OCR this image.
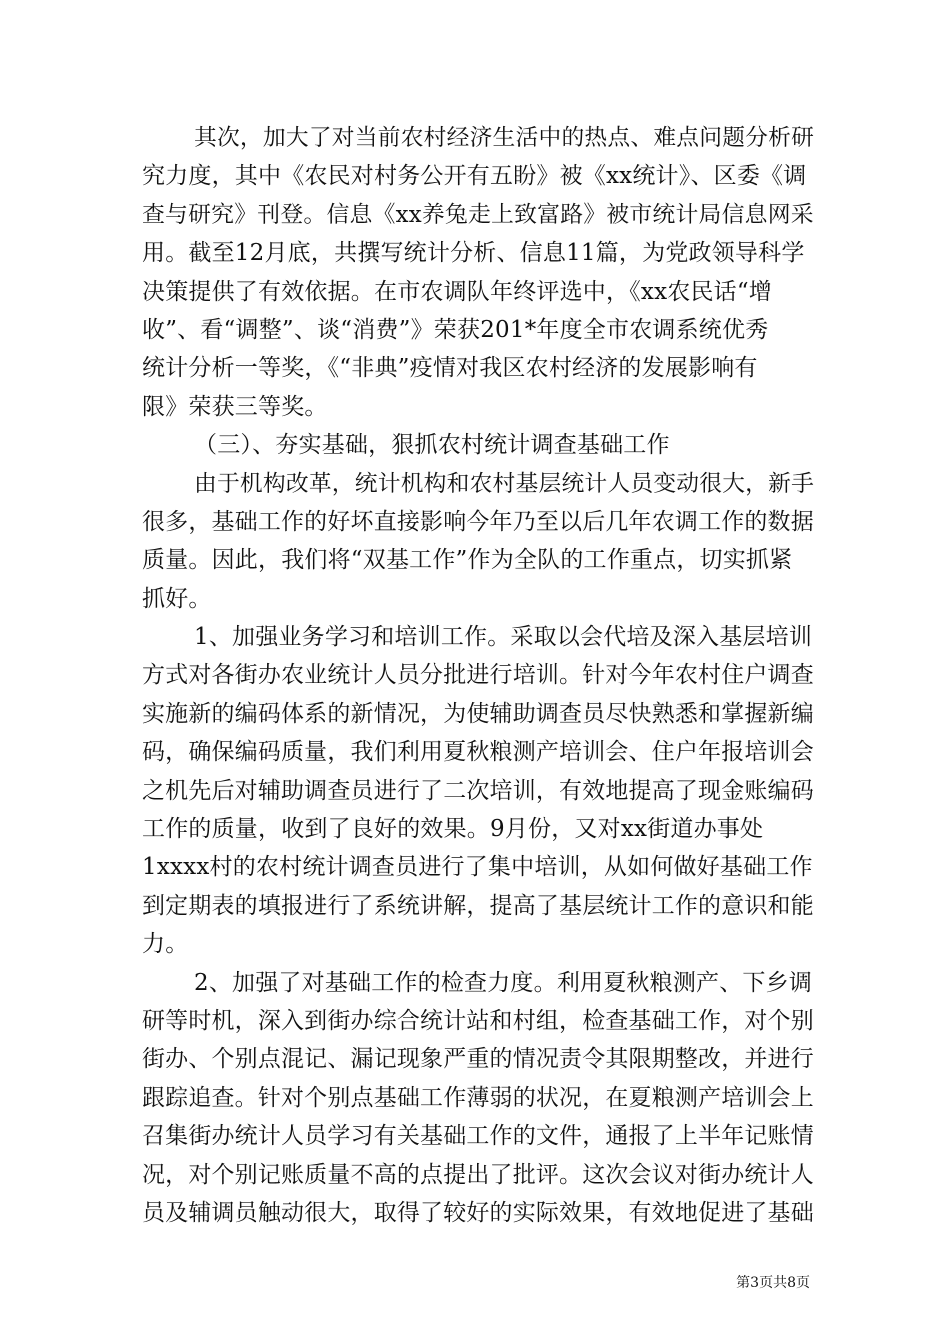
其次，加大了对当前农村经济生活中的热点、难点问题分析研
究力度，其中《农民对村务公开有五盼》被《xx统计》、区委《调
查与研究》刊登。信息《xx养兔走上致富路》被市统计局信息网采
用。截至12月底，共撰写统计分析、信息11篇，为党政领导科学
决策提供了有效依据。在市农调队年终评选中，《xx农民话“增
收”、看“调整”、谈“消费”》荣获201*年度全市农调系统优秀
统计分析一等奖，《“非典”疫情对我区农村经济的发展影响有
限》荣获三等奖。
（三）、夯实基础，狠抓农村统计调查基础工作
由于机构改革，统计机构和农村基层统计人员变动很大，新手
很多，基础工作的好坏直接影响今年乃至以后几年农调工作的数据
质量。因此，我们将“双基工作”作为全队的工作重点，切实抓紧
抓好。
1、加强业务学习和培训工作。采取以会代培及深入基层培训
方式对各街办农业统计人员分批进行培训。针对今年农村住户调查
实施新的编码体系的新情况，为使辅助调查员尽快熟悉和掌握新编
码，确保编码质量，我们利用夏秋粮测产培训会、住户年报培训会
之机先后对辅助调查员进行了二次培训，有效地提高了现金账编码
工作的质量，收到了良好的效果。9月份，又对xx街道办事处
1xxxx村的农村统计调查员进行了集中培训，从如何做好基础工作
到定期表的填报进行了系统讲解，提高了基层统计工作的意识和能
力。
2、加强了对基础工作的检查力度。利用夏秋粮测产、下乡调
研等时机，深入到街办综合统计站和村组，检查基础工作，对个别
街办、个别点混记、漏记现象严重的情况责令其限期整改，并进行
跟踪追查。针对个别点基础工作薄弱的状况，在夏粮测产培训会上
召集街办统计人员学习有关基础工作的文件，通报了上半年记账情
况，对个别记账质量不高的点提出了批评。这次会议对街办统计人
员及辅调员触动很大，取得了较好的实际效果，有效地促进了基础
第3页共8页
